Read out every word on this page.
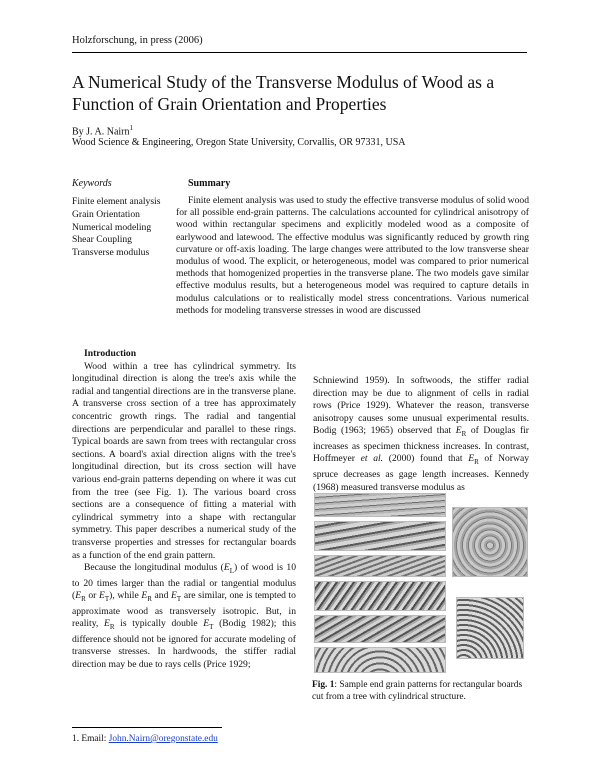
Holzforschung, in press (2006)
A Numerical Study of the Transverse Modulus of Wood as a Function of Grain Orientation and Properties
By J. A. Nairn$^1$
Wood Science & Engineering, Oregon State University, Corvallis, OR 97331, USA
Keywords
Finite element analysis
Grain Orientation
Numerical modeling
Shear Coupling
Transverse modulus
Summary
Finite element analysis was used to study the effective transverse modulus of solid wood for all possible end-grain patterns. The calculations accounted for cylindrical anisotropy of wood within rectangular specimens and explicitly modeled wood as a composite of earlywood and latewood. The effective modulus was significantly reduced by growth ring curvature or off-axis loading. The large changes were attributed to the low transverse shear modulus of wood. The explicit, or heterogeneous, model was compared to prior numerical methods that homogenized properties in the transverse plane. The two models gave similar effective modulus results, but a heterogeneous model was required to capture details in modulus calculations or to realistically model stress concentrations. Various numerical methods for modeling transverse stresses in wood are discussed

Introduction

Wood within a tree has cylindrical symmetry. Its longitudinal direction is along the tree's axis while the radial and tangential directions are in the transverse plane. A transverse cross section of a tree has approximately concentric growth rings. The radial and tangential directions are perpendicular and parallel to these rings. Typical boards are sawn from trees with rectangular cross sections. A board's axial direction aligns with the tree's longitudinal direction, but its cross section will have various end-grain patterns depending on where it was cut from the tree (see Fig. 1). The various board cross sections are a consequence of fitting a material with cylindrical symmetry into a shape with rectangular symmetry. This paper describes a numerical study of the transverse properties and stresses for rectangular boards as a function of the end grain pattern.

Because the longitudinal modulus $(E_L)$ of wood is 10 to 20 times larger than the radial or tangential modulus ($E_R$ or $E_T$), while $E_R$ and $E_T$ are similar, one is tempted to approximate wood as transversely isotropic. But, in reality, $E_R$ is typically double $E_T$ (Bodig 1982); this difference should not be ignored for accurate modeling of transverse stresses. In hardwoods, the stiffer radial direction may be due to rays cells (Price 1929;

Schniewind 1959). In softwoods, the stiffer radial direction may be due to alignment of cells in radial rows (Price 1929). Whatever the reason, transverse anisotropy causes some unusual experimental results. Bodig (1963; 1965) observed that $E_R$ of Douglas fir increases as specimen thickness increases. In contrast, Hoffmeyer et al. (2000) found that $E_R$ of Norway spruce decreases as gage length increases. Kennedy (1968) measured transverse modulus as

Fig. 1: Sample end grain patterns for rectangular boards cut from a tree with cylindrical structure.
1. Email: John.Nairn@oregonstate.edu
